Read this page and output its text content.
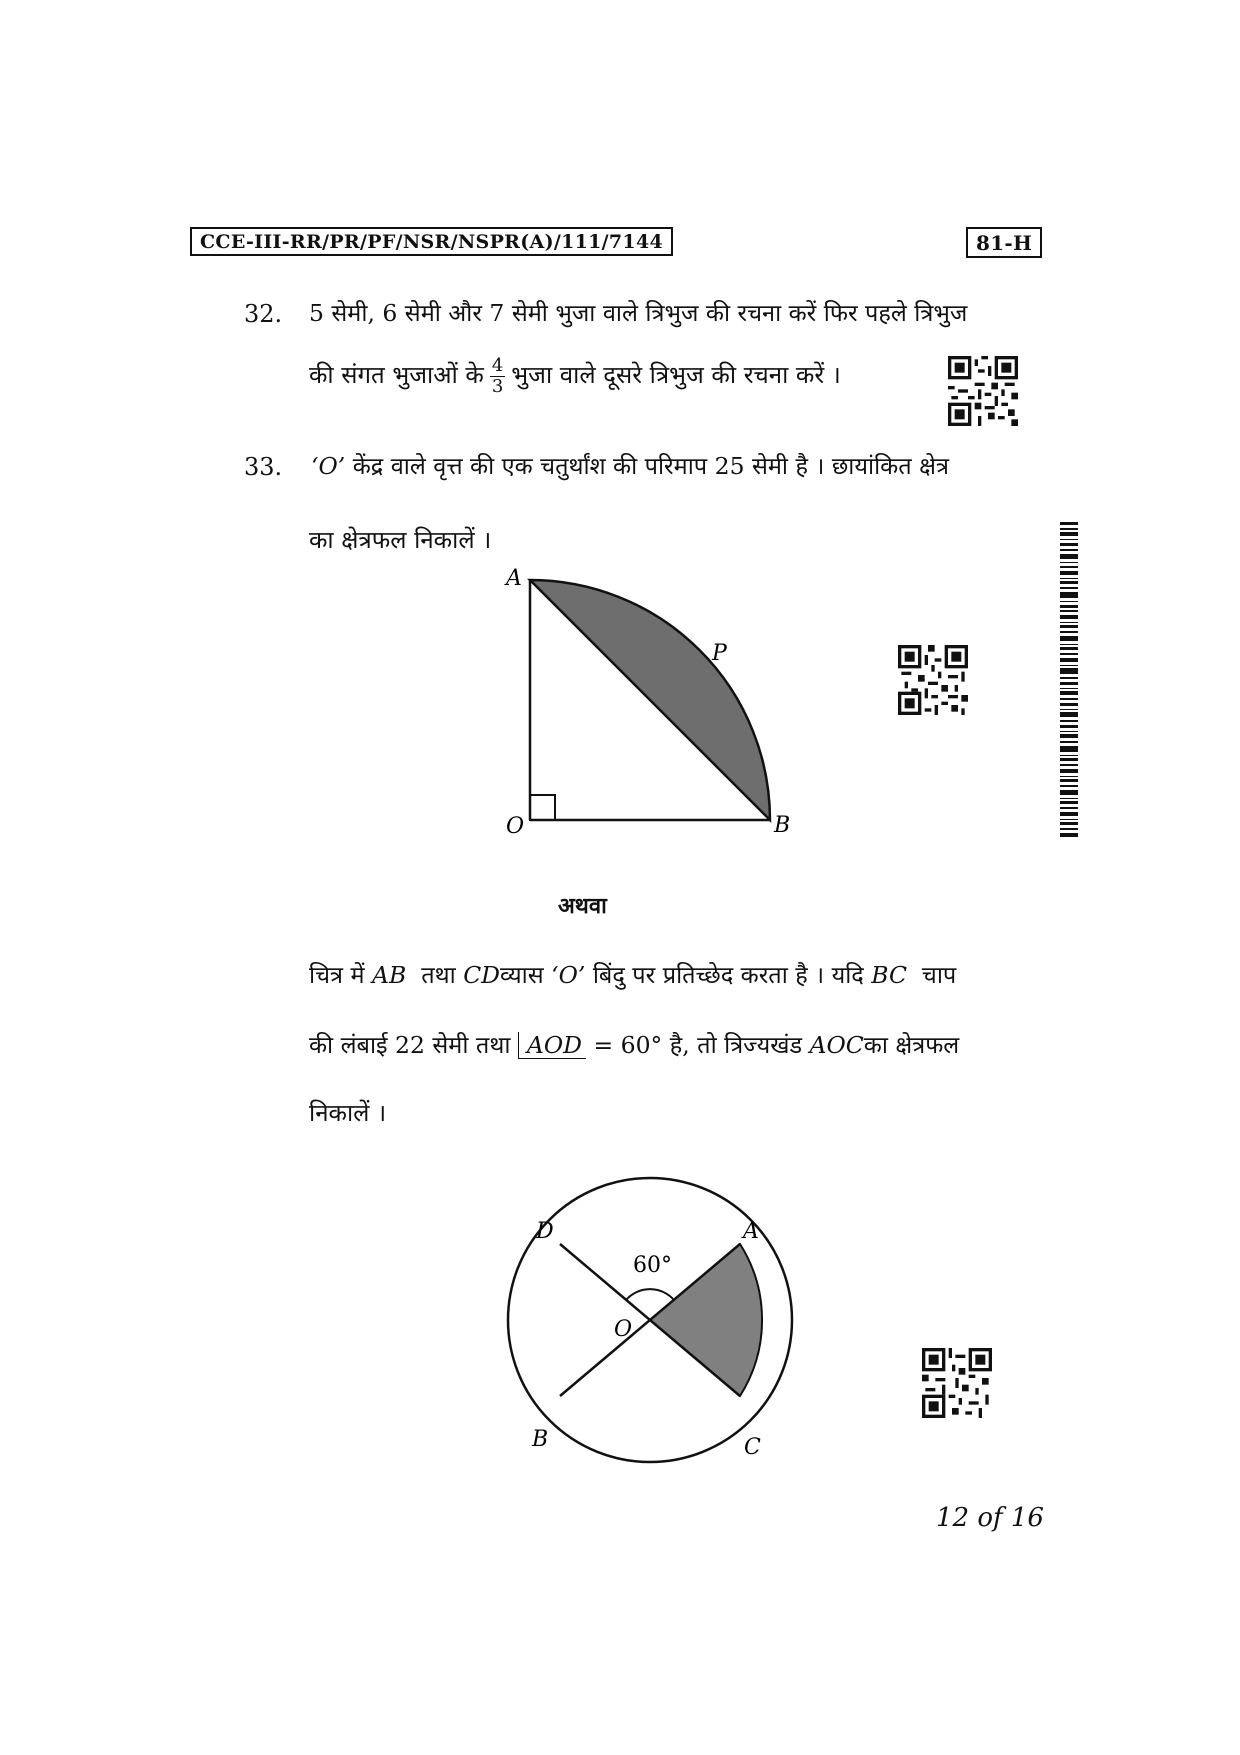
CCE-III-RR/PR/PF/NSR/NSPR(A)/111/7144	81-H
32. 5 सेमी, 6 सेमी और 7 सेमी भुजा वाले त्रिभुज की रचना करें फिर पहले त्रिभुज
की संगत भुजाओं के $\frac{4}{3}$ भुजा वाले दूसरे त्रिभुज की रचना करें ।
33. ‘O’ केंद्र वाले वृत्त की एक चतुर्थांश की परिमाप 25 सेमी है । छायांकित क्षेत्र
का क्षेत्रफल निकालें ।
A
P
O	B
अथवा
चित्र में AB तथा CDव्यास ‘O’ बिंदु पर प्रतिच्छेद करता है । यदि BC चाप
की लंबाई 22 सेमी तथा AOD = 60° है, तो त्रिज्यखंड AOCका क्षेत्रफल
निकालें ।
D	A
60°
O
B	C
12 of 16
